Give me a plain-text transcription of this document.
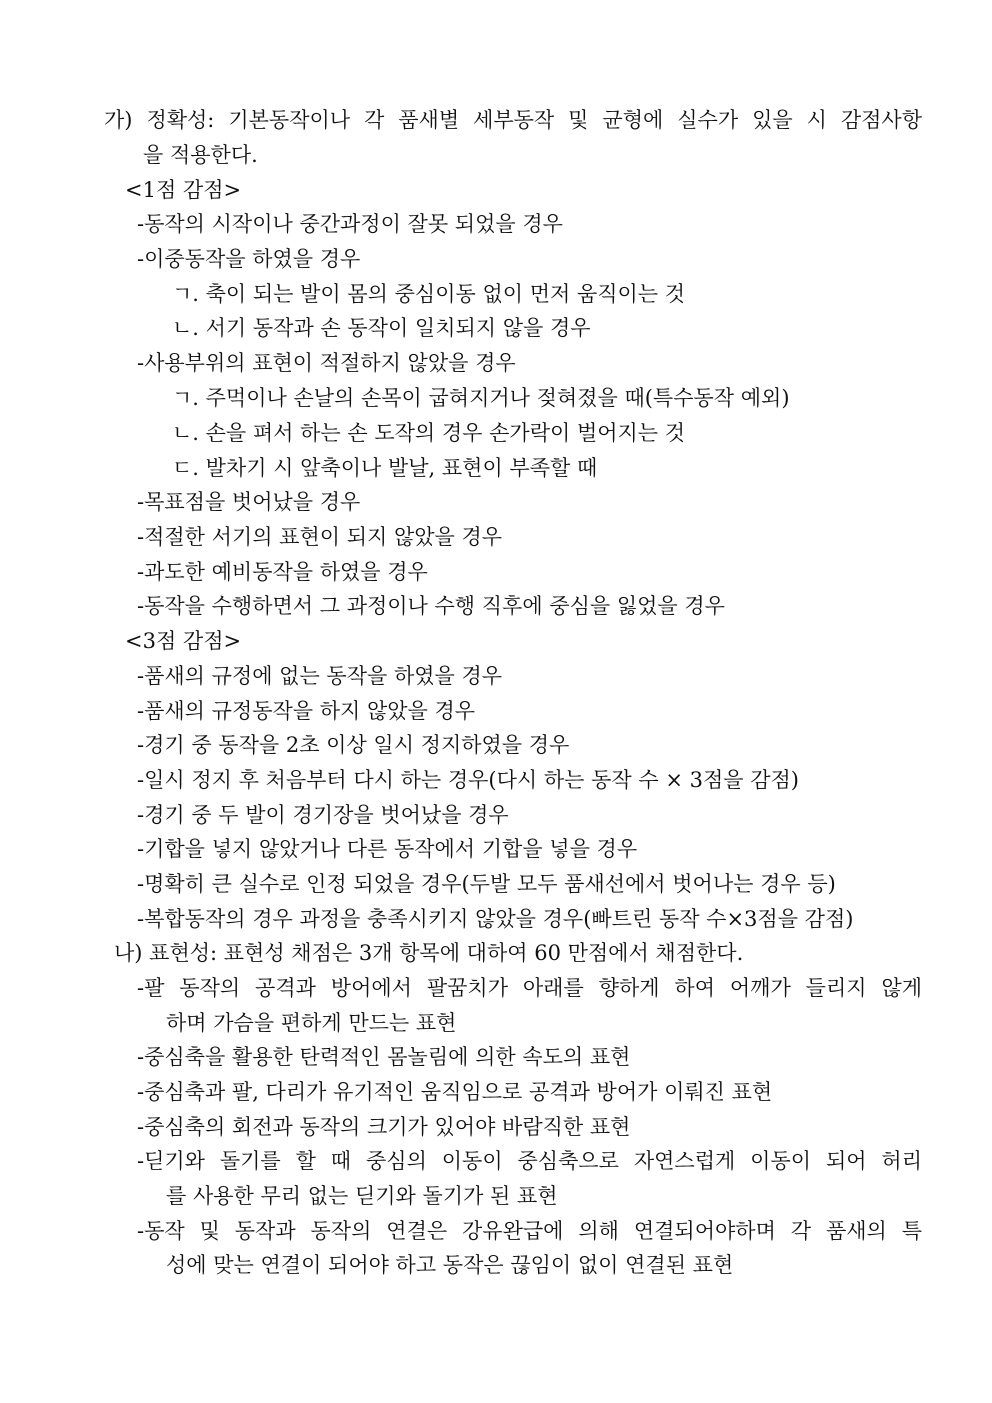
가) 정확성: 기본동작이나 각 품새별 세부동작 및 균형에 실수가 있을 시 감점사항
을 적용한다.
<1점 감점>
-동작의 시작이나 중간과정이 잘못 되었을 경우
-이중동작을 하였을 경우
ㄱ. 축이 되는 발이 몸의 중심이동 없이 먼저 움직이는 것
ㄴ. 서기 동작과 손 동작이 일치되지 않을 경우
-사용부위의 표현이 적절하지 않았을 경우
ㄱ. 주먹이나 손날의 손목이 굽혀지거나 젖혀졌을 때(특수동작 예외)
ㄴ. 손을 펴서 하는 손 도작의 경우 손가락이 벌어지는 것
ㄷ. 발차기 시 앞축이나 발날, 표현이 부족할 때
-목표점을 벗어났을 경우
-적절한 서기의 표현이 되지 않았을 경우
-과도한 예비동작을 하였을 경우
-동작을 수행하면서 그 과정이나 수행 직후에 중심을 잃었을 경우
<3점 감점>
-품새의 규정에 없는 동작을 하였을 경우
-품새의 규정동작을 하지 않았을 경우
-경기 중 동작을 2초 이상 일시 정지하였을 경우
-일시 정지 후 처음부터 다시 하는 경우(다시 하는 동작 수 × 3점을 감점)
-경기 중 두 발이 경기장을 벗어났을 경우
-기합을 넣지 않았거나 다른 동작에서 기합을 넣을 경우
-명확히 큰 실수로 인정 되었을 경우(두발 모두 품새선에서 벗어나는 경우 등)
-복합동작의 경우 과정을 충족시키지 않았을 경우(빠트린 동작 수×3점을 감점)
나) 표현성: 표현성 채점은 3개 항목에 대하여 60 만점에서 채점한다.
-팔 동작의 공격과 방어에서 팔꿈치가 아래를 향하게 하여 어깨가 들리지 않게
하며 가슴을 편하게 만드는 표현
-중심축을 활용한 탄력적인 몸놀림에 의한 속도의 표현
-중심축과 팔, 다리가 유기적인 움직임으로 공격과 방어가 이뤄진 표현
-중심축의 회전과 동작의 크기가 있어야 바람직한 표현
-딛기와 돌기를 할 때 중심의 이동이 중심축으로 자연스럽게 이동이 되어 허리
를 사용한 무리 없는 딛기와 돌기가 된 표현
-동작 및 동작과 동작의 연결은 강유완급에 의해 연결되어야하며 각 품새의 특
성에 맞는 연결이 되어야 하고 동작은 끊임이 없이 연결된 표현
